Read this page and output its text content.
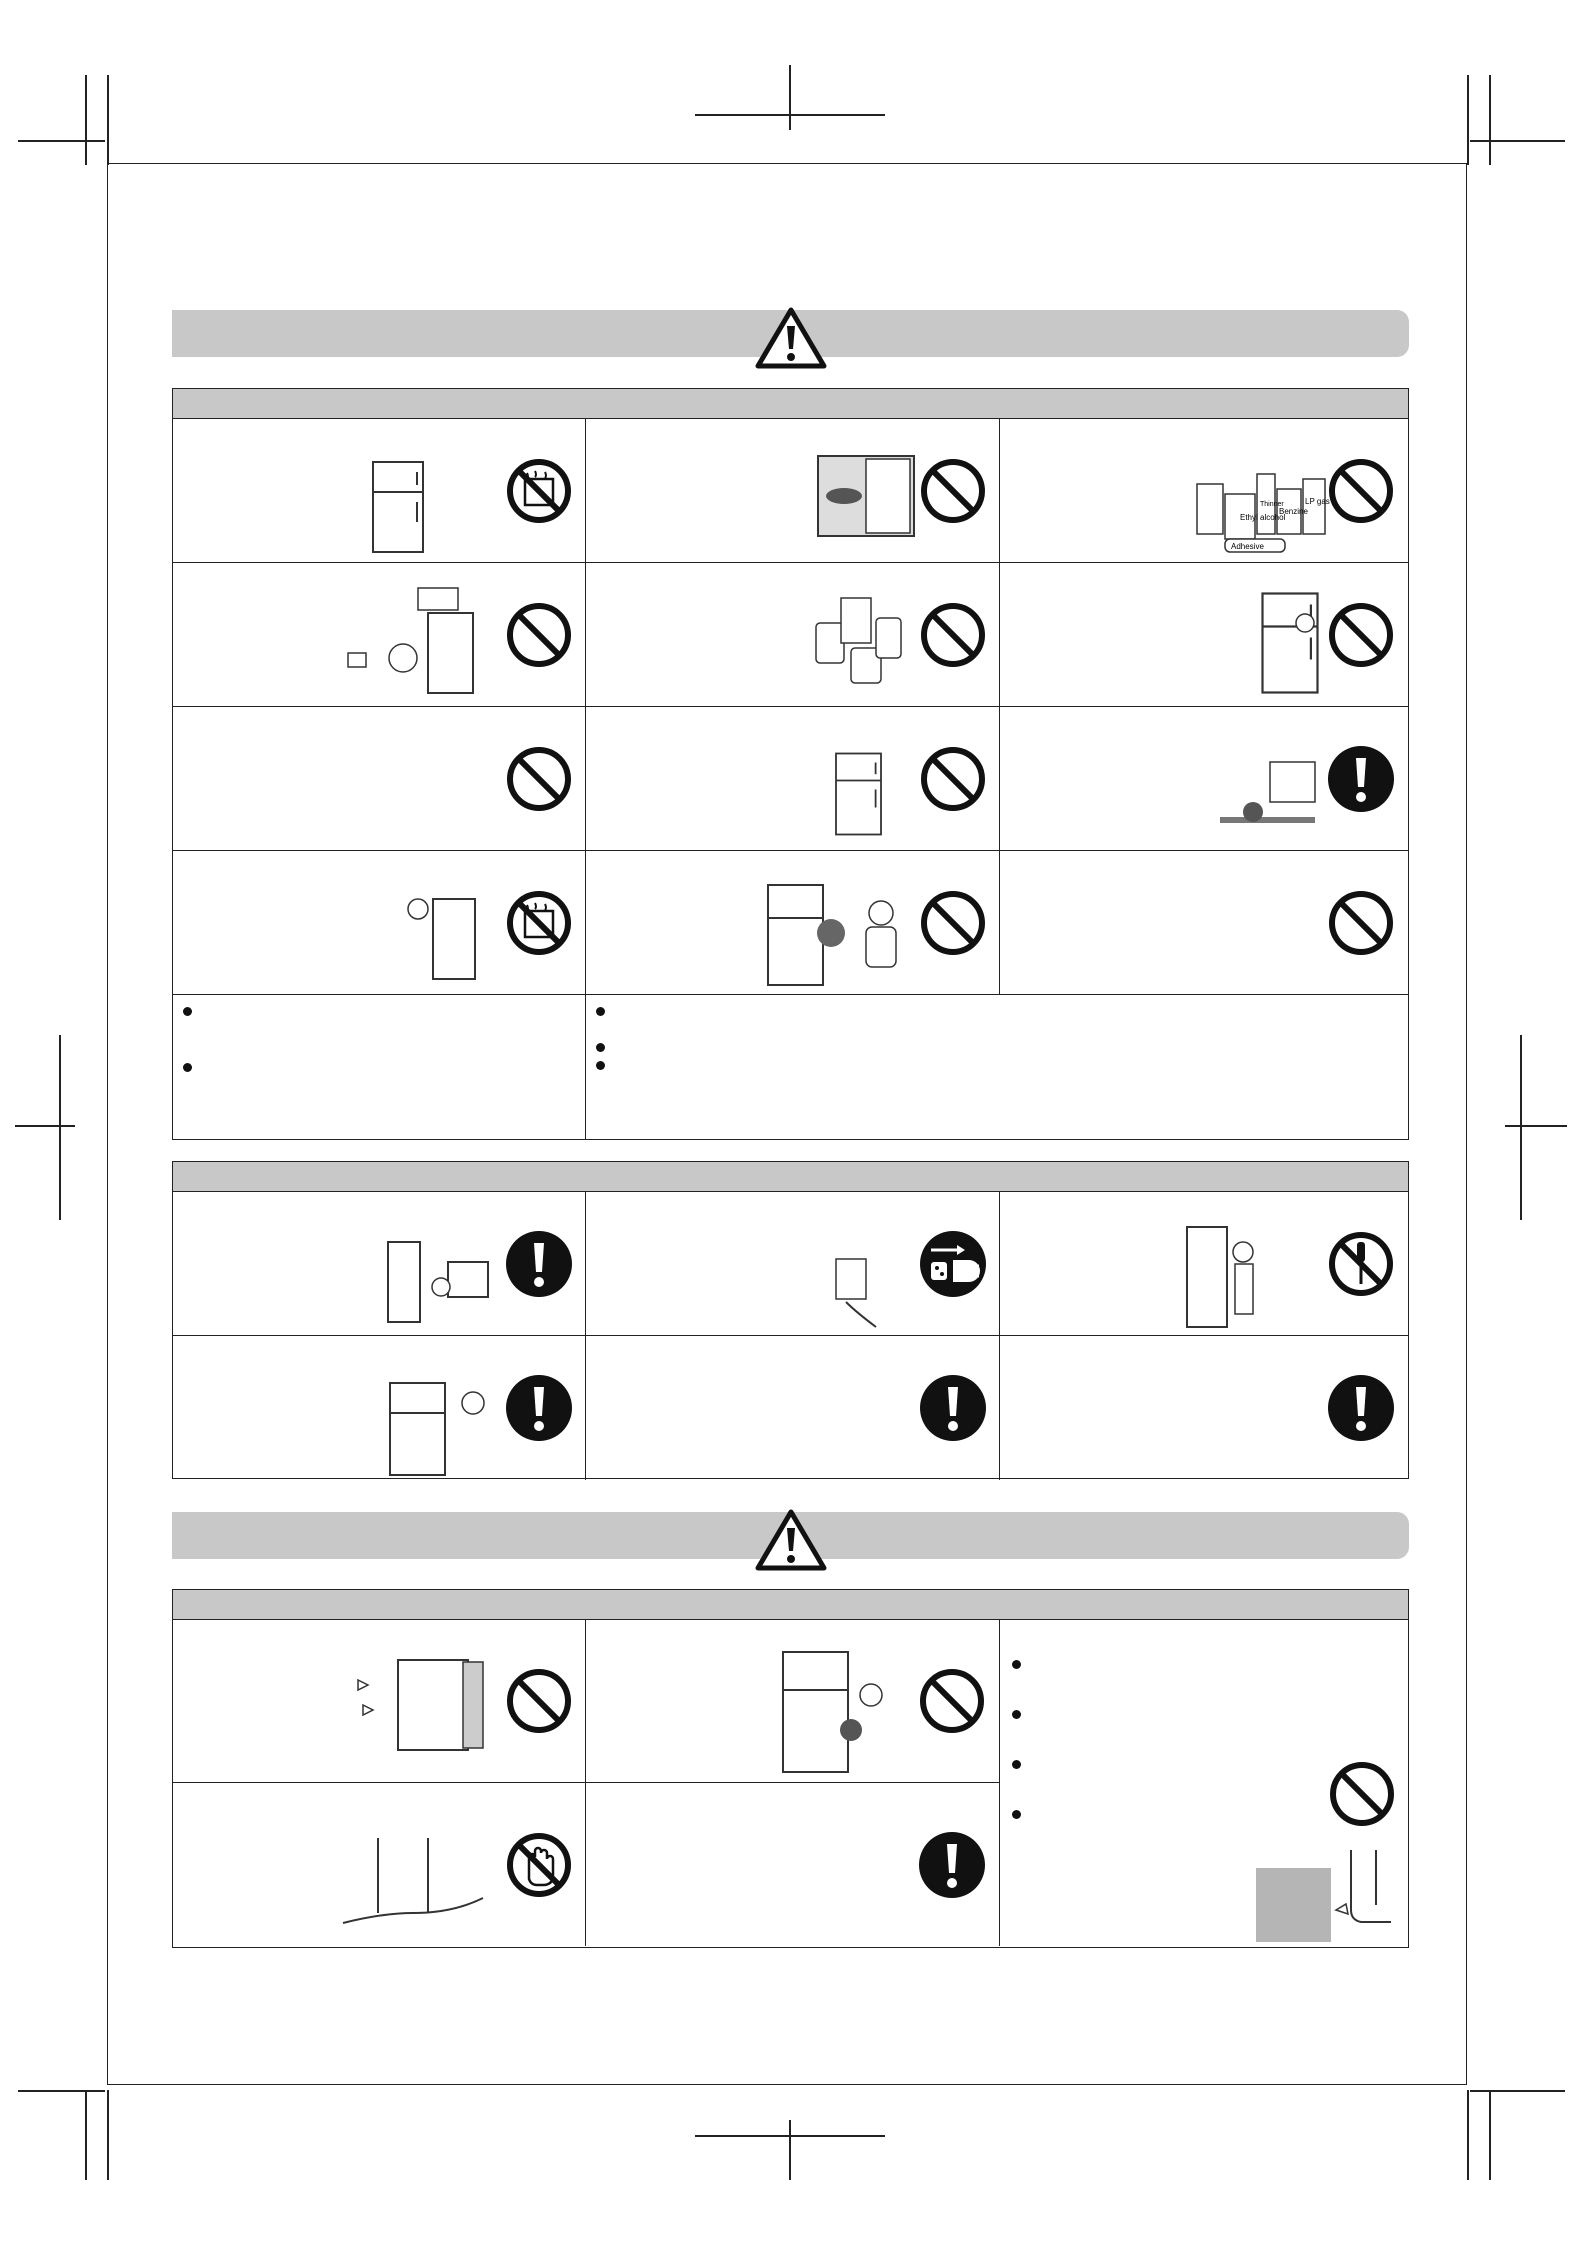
Ethyl alcohol
Benzine
Thinner	LP gas
Adhesive
